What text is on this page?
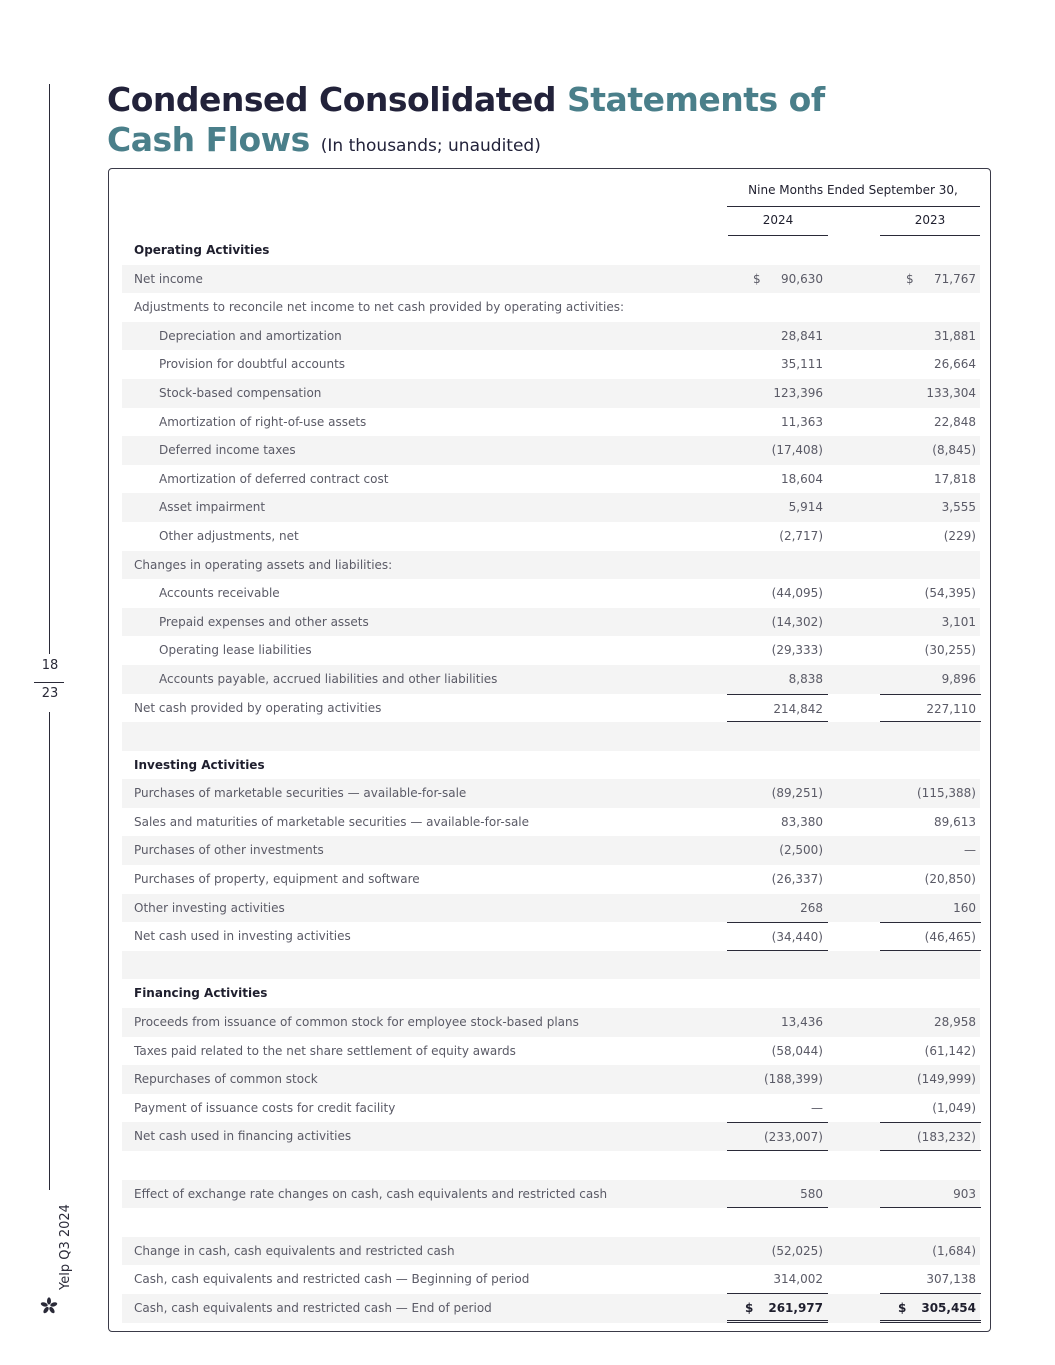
18
23
Yelp Q3 2024
Condensed Consolidated Statements of
Cash Flows (In thousands; unaudited)
Nine Months Ended September 30,
2024	2023
Operating Activities
Net income	$ 90,630	$ 71,767
Adjustments to reconcile net income to net cash provided by operating activities:
Depreciation and amortization	28,841	31,881
Provision for doubtful accounts	35,111	26,664
Stock-based compensation	123,396	133,304
Amortization of right-of-use assets	11,363	22,848
Deferred income taxes	(17,408)	(8,845)
Amortization of deferred contract cost	18,604	17,818
Asset impairment	5,914	3,555
Other adjustments, net	(2,717)	(229)
Changes in operating assets and liabilities:
Accounts receivable	(44,095)	(54,395)
Prepaid expenses and other assets	(14,302)	3,101
Operating lease liabilities	(29,333)	(30,255)
Accounts payable, accrued liabilities and other liabilities	8,838	9,896
Net cash provided by operating activities	214,842	227,110
Investing Activities
Purchases of marketable securities — available-for-sale	(89,251)	(115,388)
Sales and maturities of marketable securities — available-for-sale	83,380	89,613
Purchases of other investments	(2,500)	—
Purchases of property, equipment and software	(26,337)	(20,850)
Other investing activities	268	160
Net cash used in investing activities	(34,440)	(46,465)
Financing Activities
Proceeds from issuance of common stock for employee stock-based plans	13,436	28,958
Taxes paid related to the net share settlement of equity awards	(58,044)	(61,142)
Repurchases of common stock	(188,399)	(149,999)
Payment of issuance costs for credit facility	—	(1,049)
Net cash used in financing activities	(233,007)	(183,232)
Effect of exchange rate changes on cash, cash equivalents and restricted cash	580	903
Change in cash, cash equivalents and restricted cash	(52,025)	(1,684)
Cash, cash equivalents and restricted cash — Beginning of period	314,002	307,138
Cash, cash equivalents and restricted cash — End of period	$ 261,977	$ 305,454
